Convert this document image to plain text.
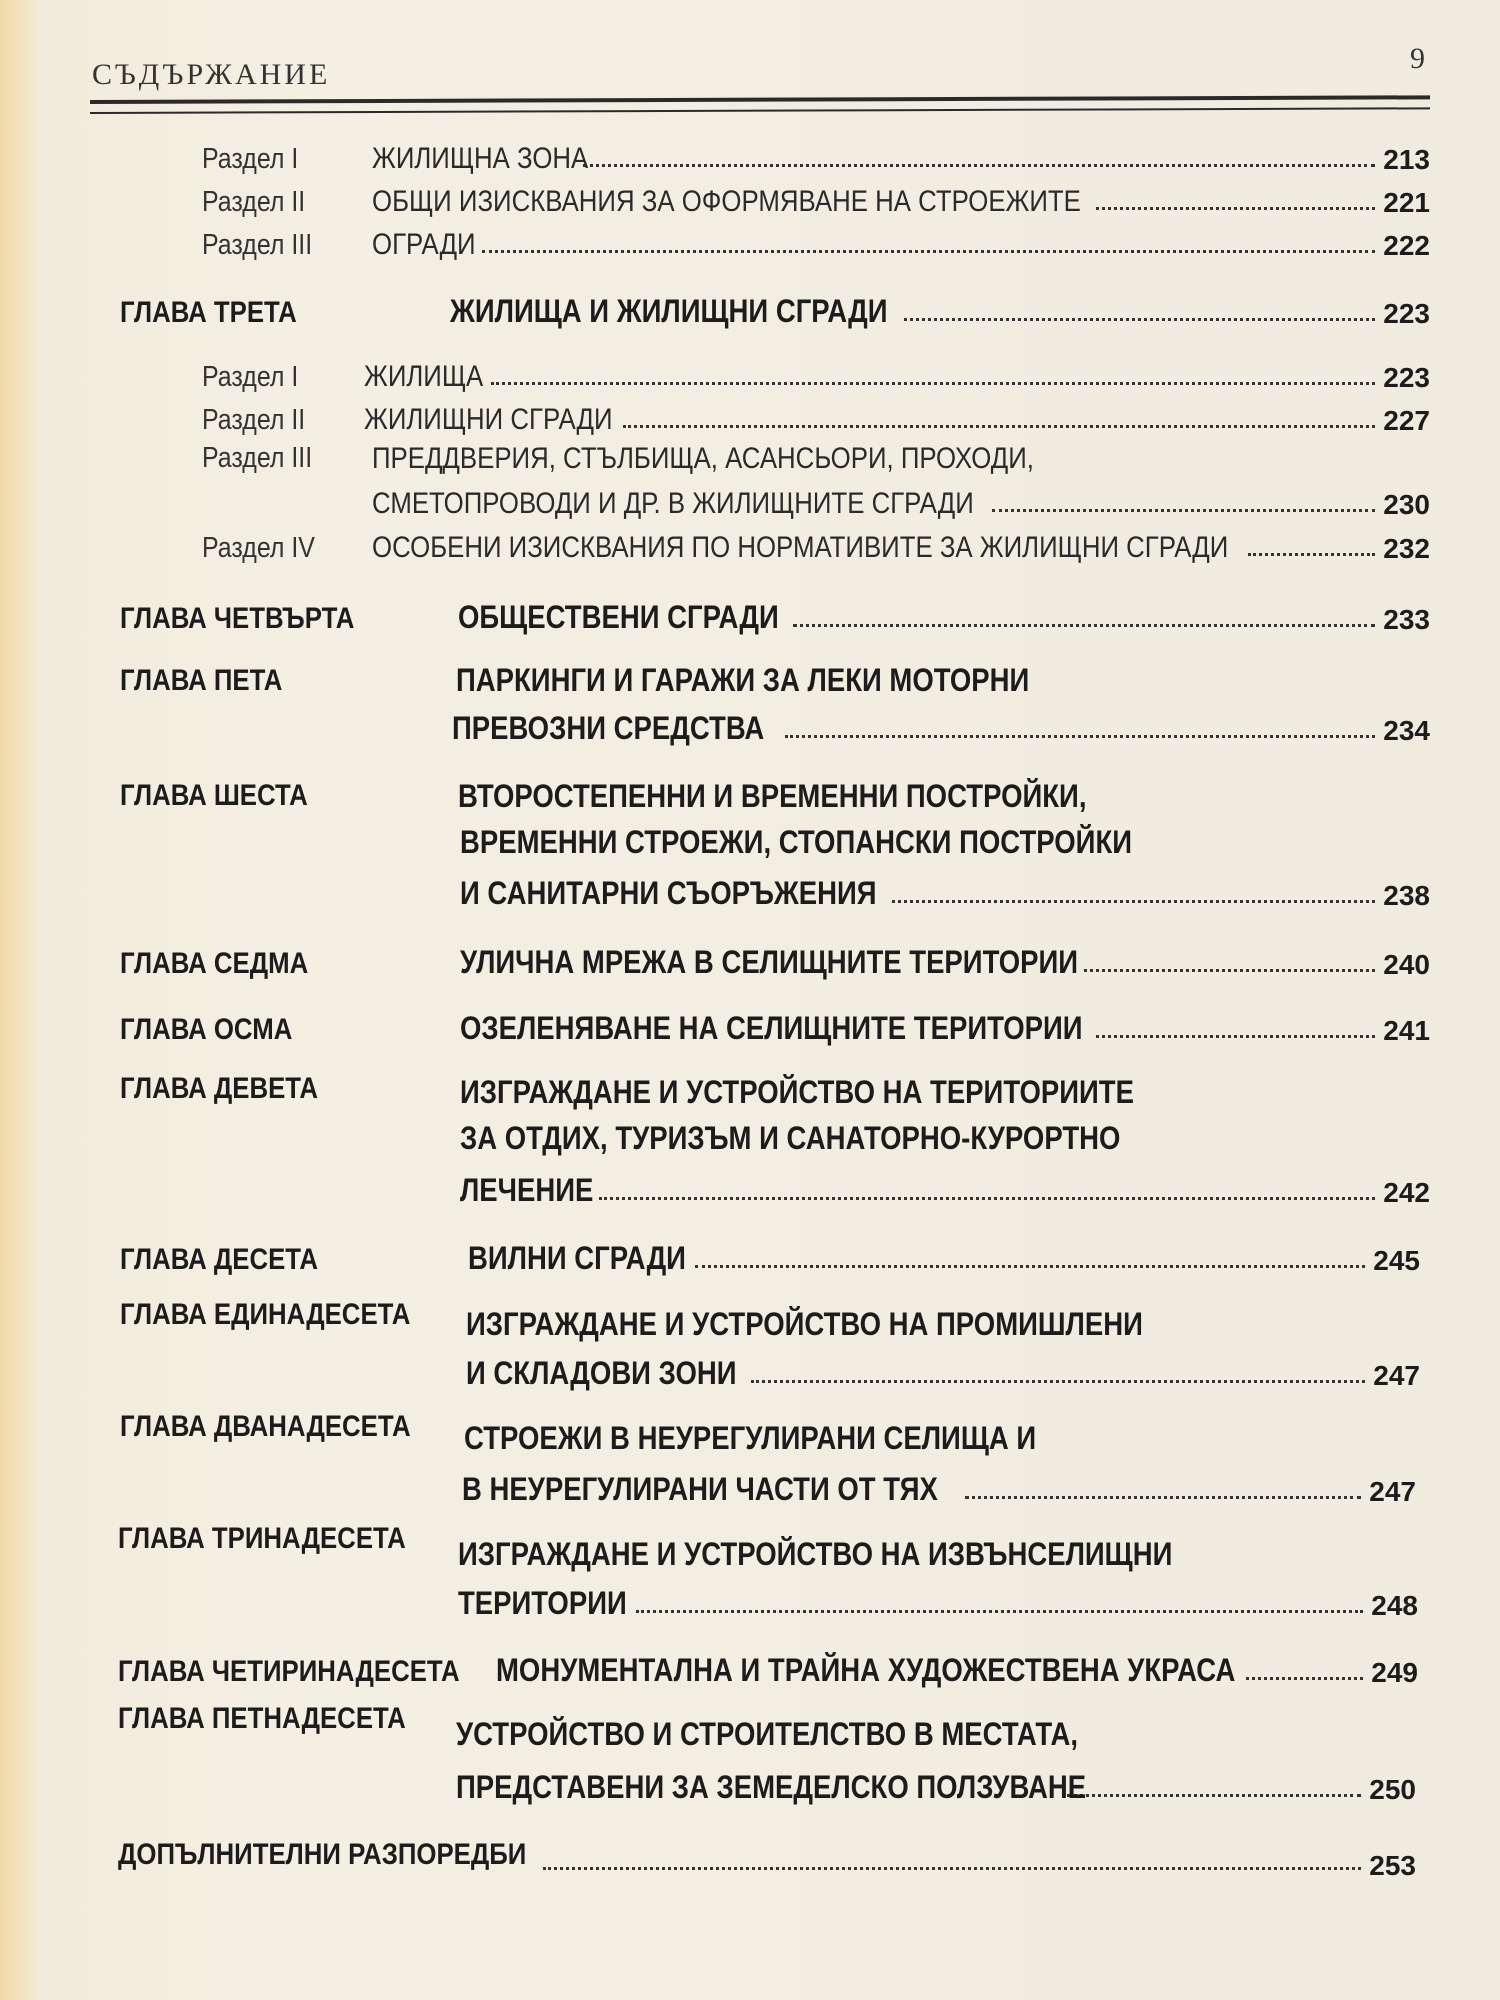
СЪДЪРЖАНИЕ	9
Раздел I	ЖИЛИЩНА ЗОНА	213
Раздел II	ОБЩИ ИЗИСКВАНИЯ ЗА ОФОРМЯВАНЕ НА СТРОЕЖИТЕ	221
Раздел III	ОГРАДИ	222
ГЛАВА ТРЕТА	ЖИЛИЩА И ЖИЛИЩНИ СГРАДИ	223
Раздел I	ЖИЛИЩА	223
Раздел II	ЖИЛИЩНИ СГРАДИ	227
Раздел III ПРЕДДВЕРИЯ, СТЪЛБИЩА, АСАНСЬОРИ, ПРОХОДИ,
СМЕТОПРОВОДИ И ДР. В ЖИЛИЩНИТЕ СГРАДИ	230
Раздел IV	ОСОБЕНИ ИЗИСКВАНИЯ ПО НОРМАТИВИТЕ ЗА ЖИЛИЩНИ СГРАДИ	232
ГЛАВА ЧЕТВЪРТА	ОБЩЕСТВЕНИ СГРАДИ	233
ГЛАВА ПЕТА	ПАРКИНГИ И ГАРАЖИ ЗА ЛЕКИ МОТОРНИ
ПРЕВОЗНИ СРЕДСТВА	234
ГЛАВА ШЕСТА	ВТОРОСТЕПЕННИ И ВРЕМЕННИ ПОСТРОЙКИ,
ВРЕМЕННИ СТРОЕЖИ, СТОПАНСКИ ПОСТРОЙКИ
И САНИТАРНИ СЪОРЪЖЕНИЯ	238
ГЛАВА СЕДМА	УЛИЧНА МРЕЖА В СЕЛИЩНИТЕ ТЕРИТОРИИ	240
ГЛАВА ОСМА	ОЗЕЛЕНЯВАНЕ НА СЕЛИЩНИТЕ ТЕРИТОРИИ	241
ГЛАВА ДЕВЕТА	ИЗГРАЖДАНЕ И УСТРОЙСТВО НА ТЕРИТОРИИТЕ
ЗА ОТДИХ, ТУРИЗЪМ И САНАТОРНО-КУРОРТНО
ЛЕЧЕНИЕ	242
ГЛАВА ДЕСЕТА	ВИЛНИ СГРАДИ	245
ГЛАВА ЕДИНАДЕСЕТА ИЗГРАЖДАНЕ И УСТРОЙСТВО НА ПРОМИШЛЕНИ
И СКЛАДОВИ ЗОНИ	247
ГЛАВА ДВАНАДЕСЕТА СТРОЕЖИ В НЕУРЕГУЛИРАНИ СЕЛИЩА И
В НЕУРЕГУЛИРАНИ ЧАСТИ ОТ ТЯХ	247
ГЛАВА ТРИНАДЕСЕТА ИЗГРАЖДАНЕ И УСТРОЙСТВО НА ИЗВЪНСЕЛИЩНИ
ТЕРИТОРИИ	248
ГЛАВА ЧЕТИРИНАДЕСЕТА МОНУМЕНТАЛНА И ТРАЙНА ХУДОЖЕСТВЕНА УКРАСА	249
ГЛАВА ПЕТНАДЕСЕТА УСТРОЙСТВО И СТРОИТЕЛСТВО В МЕСТАТА,
ПРЕДСТАВЕНИ ЗА ЗЕМЕДЕЛСКО ПОЛЗУВАНЕ	250
ДОПЪЛНИТЕЛНИ РАЗПОРЕДБИ	253
